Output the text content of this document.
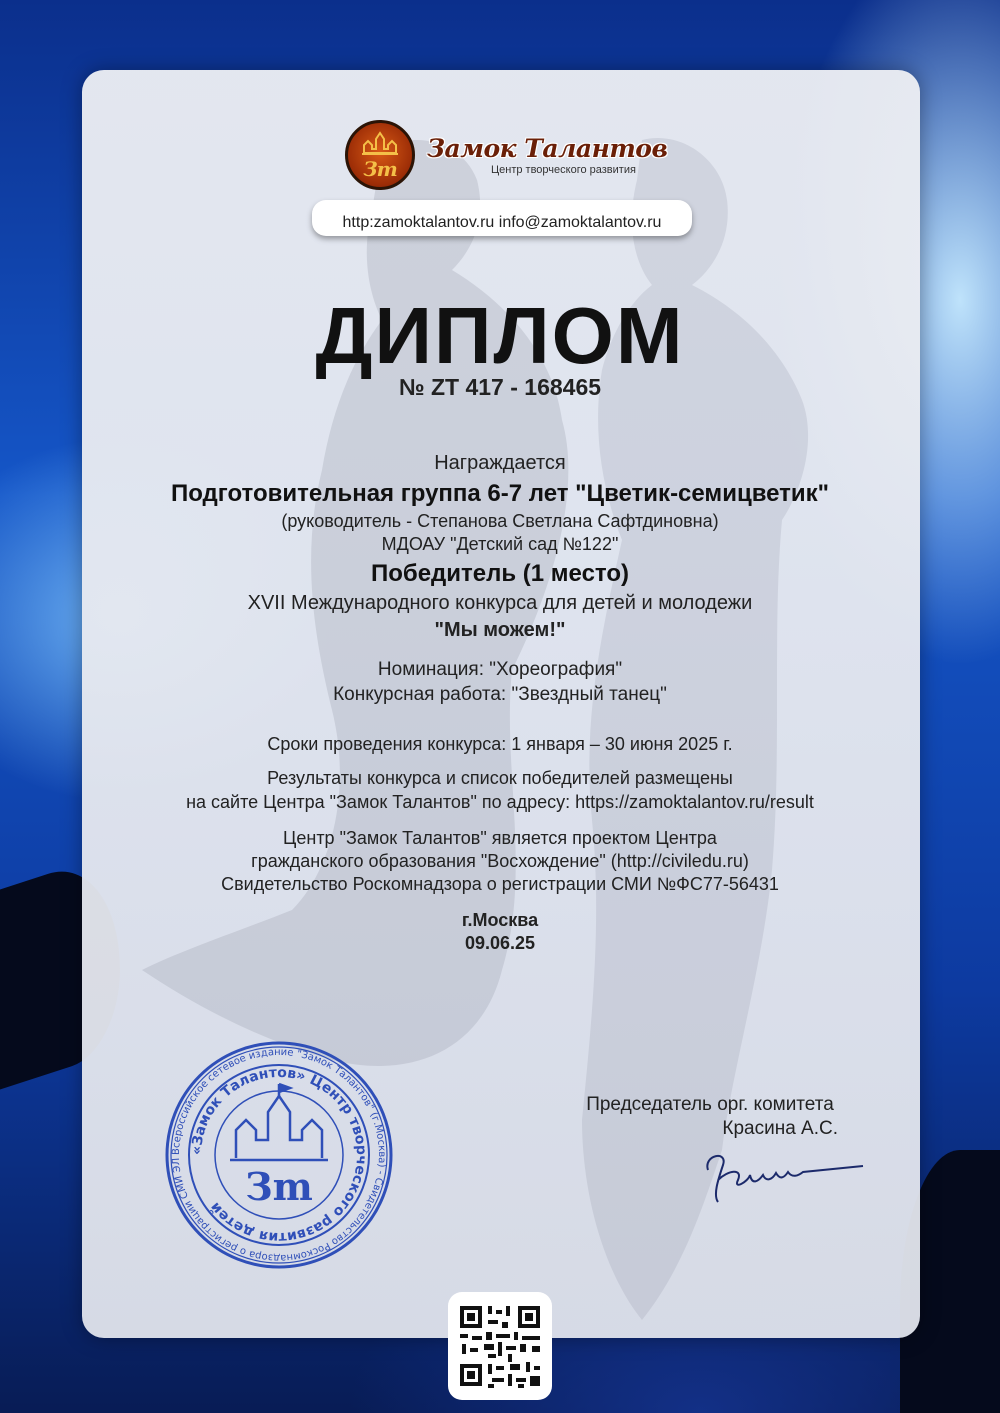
Зm
Замок Талантов
Центр творческого развития
http:zamoktalantov.ru info@zamoktalantov.ru
ДИПЛОМ
№ ZT 417 - 168465
Награждается
Подготовительная группа 6-7 лет "Цветик-семицветик"
(руководитель - Степанова Светлана Сафтдиновна)
МДОАУ "Детский сад №122"
Победитель (1 место)
XVII Международного конкурса для детей и молодежи
"Мы можем!"
Номинация: "Хореография"
Конкурсная работа: "Звездный танец"
Сроки проведения конкурса: 1 января – 30 июня 2025 г.
Результаты конкурса и список победителей размещены
на сайте Центра "Замок Талантов" по адресу: https://zamoktalantov.ru/result
Центр "Замок Талантов" является проектом Центра
гражданского образования "Восхождение" (http://civiledu.ru)
Свидетельство Роскомнадзора о регистрации СМИ №ФС77-56431
г.Москва
09.06.25
Всероссийское сетевое издание "Замок Талантов" (г.Москва) - Свидетельство Роскомнадзора о регистрации СМИ ЭЛ
«Замок Талантов» Центр творческого развития детей Зm
Председатель орг. комитета
Красина А.С.
